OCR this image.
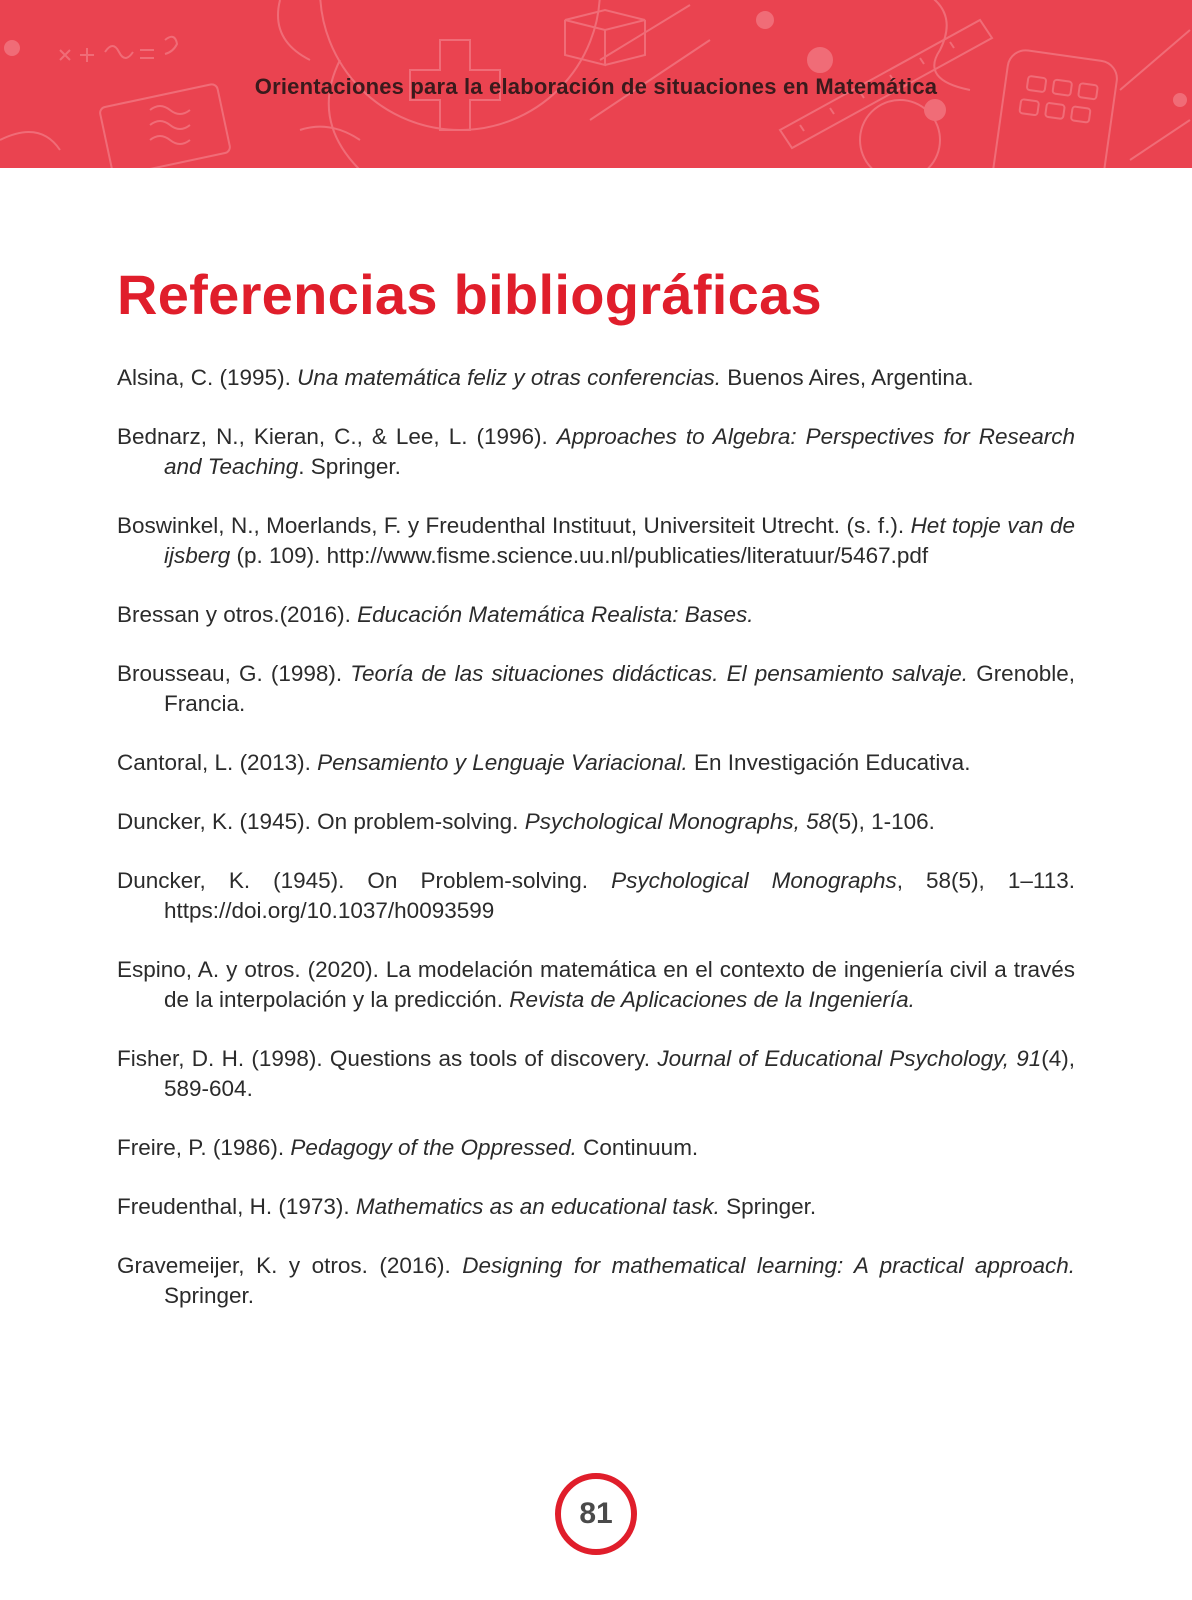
Orientaciones para la elaboración de situaciones en Matemática
Referencias bibliográficas

Alsina, C. (1995). Una matemática feliz y otras conferencias. Buenos Aires, Argentina.

Bednarz, N., Kieran, C., & Lee, L. (1996). Approaches to Algebra: Perspectives for Research and Teaching. Springer.

Boswinkel, N., Moerlands, F. y Freudenthal Instituut, Universiteit Utrecht. (s. f.). Het topje van de ijsberg (p. 109). http://www.fisme.science.uu.nl/publicaties/literatuur/5467.pdf

Bressan y otros.(2016). Educación Matemática Realista: Bases.

Brousseau, G. (1998). Teoría de las situaciones didácticas. El pensamiento salvaje. Grenoble, Francia.

Cantoral, L. (2013). Pensamiento y Lenguaje Variacional. En Investigación Educativa.

Duncker, K. (1945). On problem-solving. Psychological Monographs, 58(5), 1-106.

Duncker, K. (1945). On Problem-solving. Psychological Monographs, 58(5), 1–113. https://doi.org/10.1037/h0093599

Espino, A. y otros. (2020). La modelación matemática en el contexto de ingeniería civil a través de la interpolación y la predicción. Revista de Aplicaciones de la Ingeniería.

Fisher, D. H. (1998). Questions as tools of discovery. Journal of Educational Psychology, 91(4), 589-604.

Freire, P. (1986). Pedagogy of the Oppressed. Continuum.

Freudenthal, H. (1973). Mathematics as an educational task. Springer.

Gravemeijer, K. y otros. (2016). Designing for mathematical learning: A practical approach. Springer.

81
